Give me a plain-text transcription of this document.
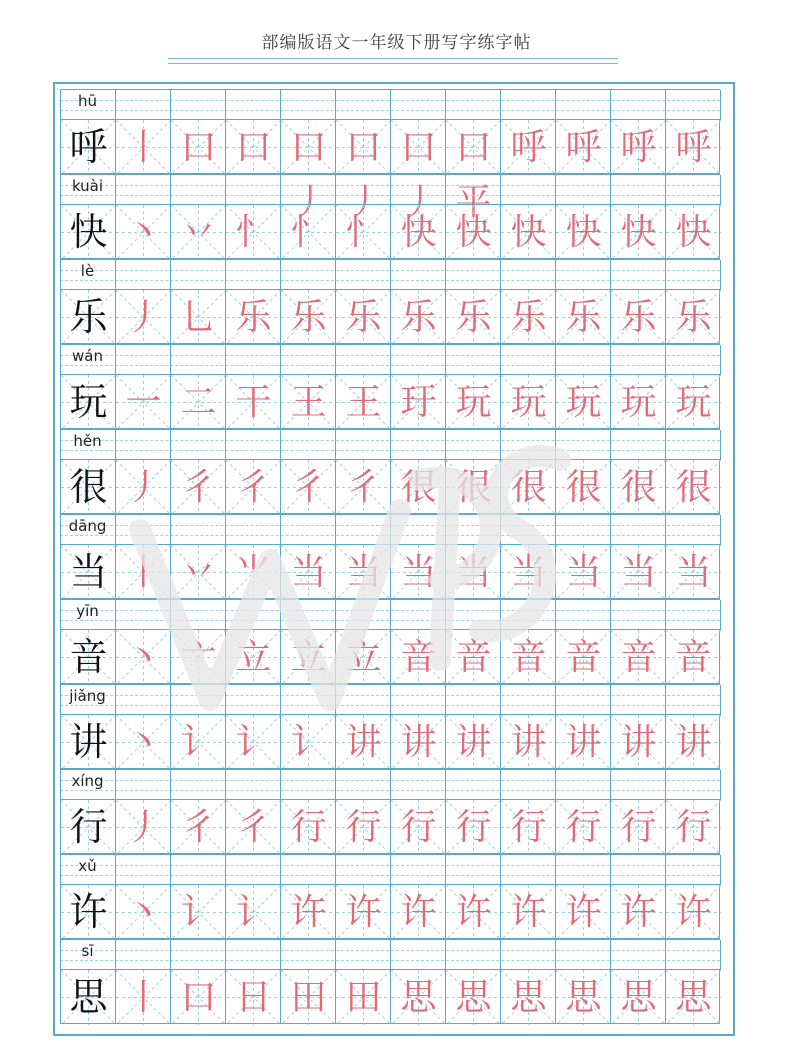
部编版语文一年级下册写字练字帖
hū
呼 丨 口 口 口丿
口丿
口丿
口平
呼 呼 呼 呼
kuài
快 丶 丷 忄 忄 忄 快 快 快 快 快 快
lè
乐 丿 乚 乐 乐 乐 乐 乐 乐 乐 乐 乐
wán
玩 一 二 干 王 王 玗 玩 玩 玩 玩 玩
hěn
很 丿 彳 彳 彳 彳 很 很 很 很 很 很
dāng
当 丨 丷 ⺌ 当 当 当 当 当 当 当 当
yīn
音 丶 亠 立 立 立 音 音 音 音 音 音
jiǎng
讲 丶 讠 讠 讠 讲 讲 讲 讲 讲 讲 讲
xíng
行 丿 彳 彳 行 行 行 行 行 行 行 行
xǔ
许 丶 讠 讠 许 许 许 许 许 许 许 许
sī
思 丨 口 日 田 田 思 思 思 思 思 思
